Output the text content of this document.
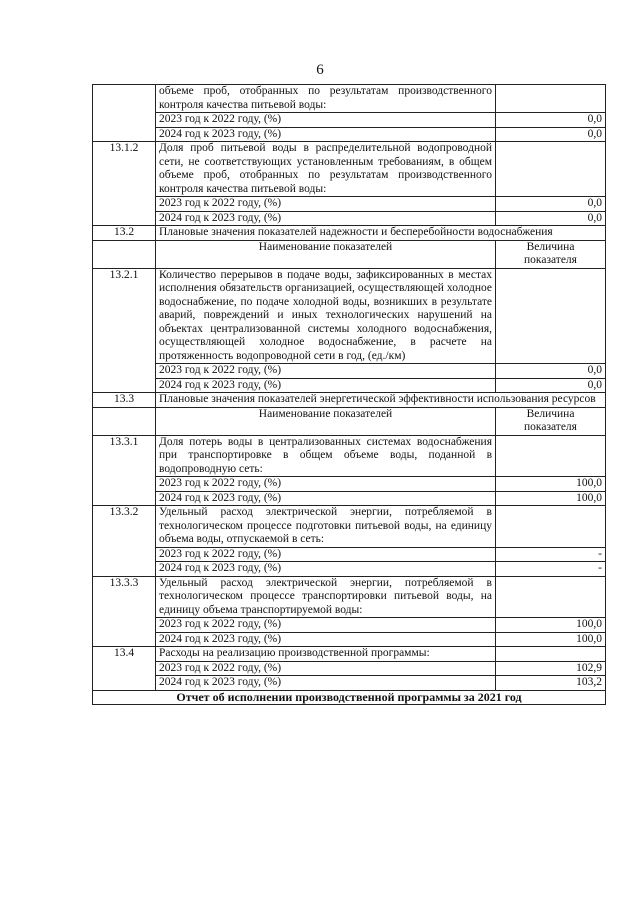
6
	объеме проб, отобранных по результатам производственного контроля качества питьевой воды:	
	2023 год к 2022 году, (%)	0,0
	2024 год к 2023 году, (%)	0,0
13.1.2	Доля проб питьевой воды в распределительной водопроводной сети, не соответствующих установленным требованиям, в общем объеме проб, отобранных по результатам производственного контроля качества питьевой воды:	
	2023 год к 2022 году, (%)	0,0
	2024 год к 2023 году, (%)	0,0
13.2	Плановые значения показателей надежности и бесперебойности водоснабжения	
	Наименование показателей	Величина показателя
13.2.1	Количество перерывов в подаче воды, зафиксированных в местах исполнения обязательств организацией, осуществляющей холодное водоснабжение, по подаче холодной воды, возникших в результате аварий, повреждений и иных технологических нарушений на объектах централизованной системы холодного водоснабжения, осуществляющей холодное водоснабжение, в расчете на протяженность водопроводной сети в год, (ед./км)	
	2023 год к 2022 году, (%)	0,0
	2024 год к 2023 году, (%)	0,0
13.3	Плановые значения показателей энергетической эффективности использования ресурсов	
	Наименование показателей	Величина показателя
13.3.1	Доля потерь воды в централизованных системах водоснабжения при транспортировке в общем объеме воды, поданной в водопроводную сеть:	
	2023 год к 2022 году, (%)	100,0
	2024 год к 2023 году, (%)	100,0
13.3.2	Удельный расход электрической энергии, потребляемой в технологическом процессе подготовки питьевой воды, на единицу объема воды, отпускаемой в сеть:	
	2023 год к 2022 году, (%)	-
	2024 год к 2023 году, (%)	-
13.3.3	Удельный расход электрической энергии, потребляемой в технологическом процессе транспортировки питьевой воды, на единицу объема транспортируемой воды:	
	2023 год к 2022 году, (%)	100,0
	2024 год к 2023 году, (%)	100,0
13.4	Расходы на реализацию производственной программы:	
	2023 год к 2022 году, (%)	102,9
	2024 год к 2023 году, (%)	103,2
Отчет об исполнении производственной программы за 2021 год		
